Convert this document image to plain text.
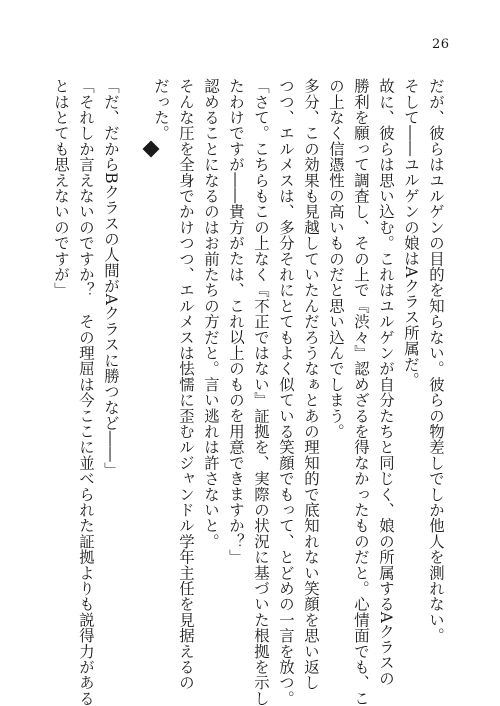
26
だが、彼らはユルゲンの目的を知らない。彼らの物差しでしか他人を測れない。
そして――ユルゲンの娘はAクラス所属だ。
故に、彼らは思い込む。これはユルゲンが自分たちと同じく、娘の所属するAクラスの
勝利を願って調査し、その上で『渋々』認めざるを得なかったものだと。心情面でも、こ
の上なく信憑性の高いものだと思い込んでしまう。
多分、この効果も見越していたんだろうなぁとあの理知的で底知れない笑顔を思い返し
つつ、エルメスは、多分それにとてもよく似ている笑顔でもって、とどめの一言を放つ。
「さて。こちらもこの上なく『不正ではない』証拠を、実際の状況に基づいた根拠を示し
たわけですが――貴方がたは、これ以上のものを用意できますか？」
認めることになるのはお前たちの方だと。言い逃れは許さないと。
そんな圧を全身でかけつつ、エルメスは怯懦に歪むルジャンドル学年主任を見据えるの
だった。
「だ、だからBクラスの人間がAクラスに勝つなど――」
「それしか言えないのですか？　その理屈は今ここに並べられた証拠よりも説得力がある
とはとても思えないのですが」
